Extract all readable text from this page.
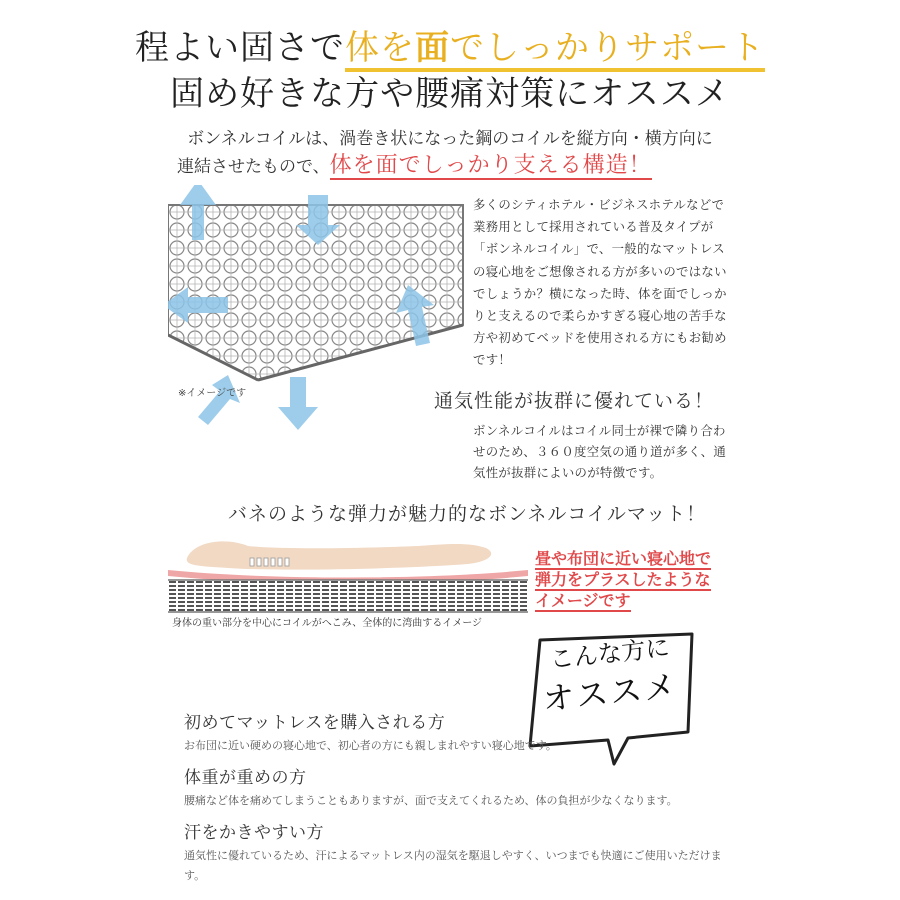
程よい固さで体を面でしっかりサポート
固め好きな方や腰痛対策にオススメ
ボンネルコイルは、渦巻き状になった鋼のコイルを縦方向・横方向に
連結させたもので、体を面でしっかり支える構造！
※イメージです
多くのシティホテル・ビジネスホテルなどで業務用として採用されている普及タイプが「ボンネルコイル」で、一般的なマットレスの寝心地をご想像される方が多いのではないでしょうか？横になった時、体を面でしっかりと支えるので柔らかすぎる寝心地の苦手な方や初めてベッドを使用される方にもお勧めです！
通気性能が抜群に優れている！
ボンネルコイルはコイル同士が裸で隣り合わせのため、３６０度空気の通り道が多く、通気性が抜群によいのが特徴です。
バネのような弾力が魅力的なボンネルコイルマット！
身体の重い部分を中心にコイルがへこみ、全体的に湾曲するイメージ
畳や布団に近い寝心地で
弾力をプラスしたような
イメージです
こんな方に
オススメ
初めてマットレスを購入される方
お布団に近い硬めの寝心地で、初心者の方にも親しまれやすい寝心地です。
体重が重めの方
腰痛など体を痛めてしまうこともありますが、面で支えてくれるため、体の負担が少なくなります。
汗をかきやすい方
通気性に優れているため、汗によるマットレス内の湿気を駆退しやすく、いつまでも快適にご使用いただけます。
